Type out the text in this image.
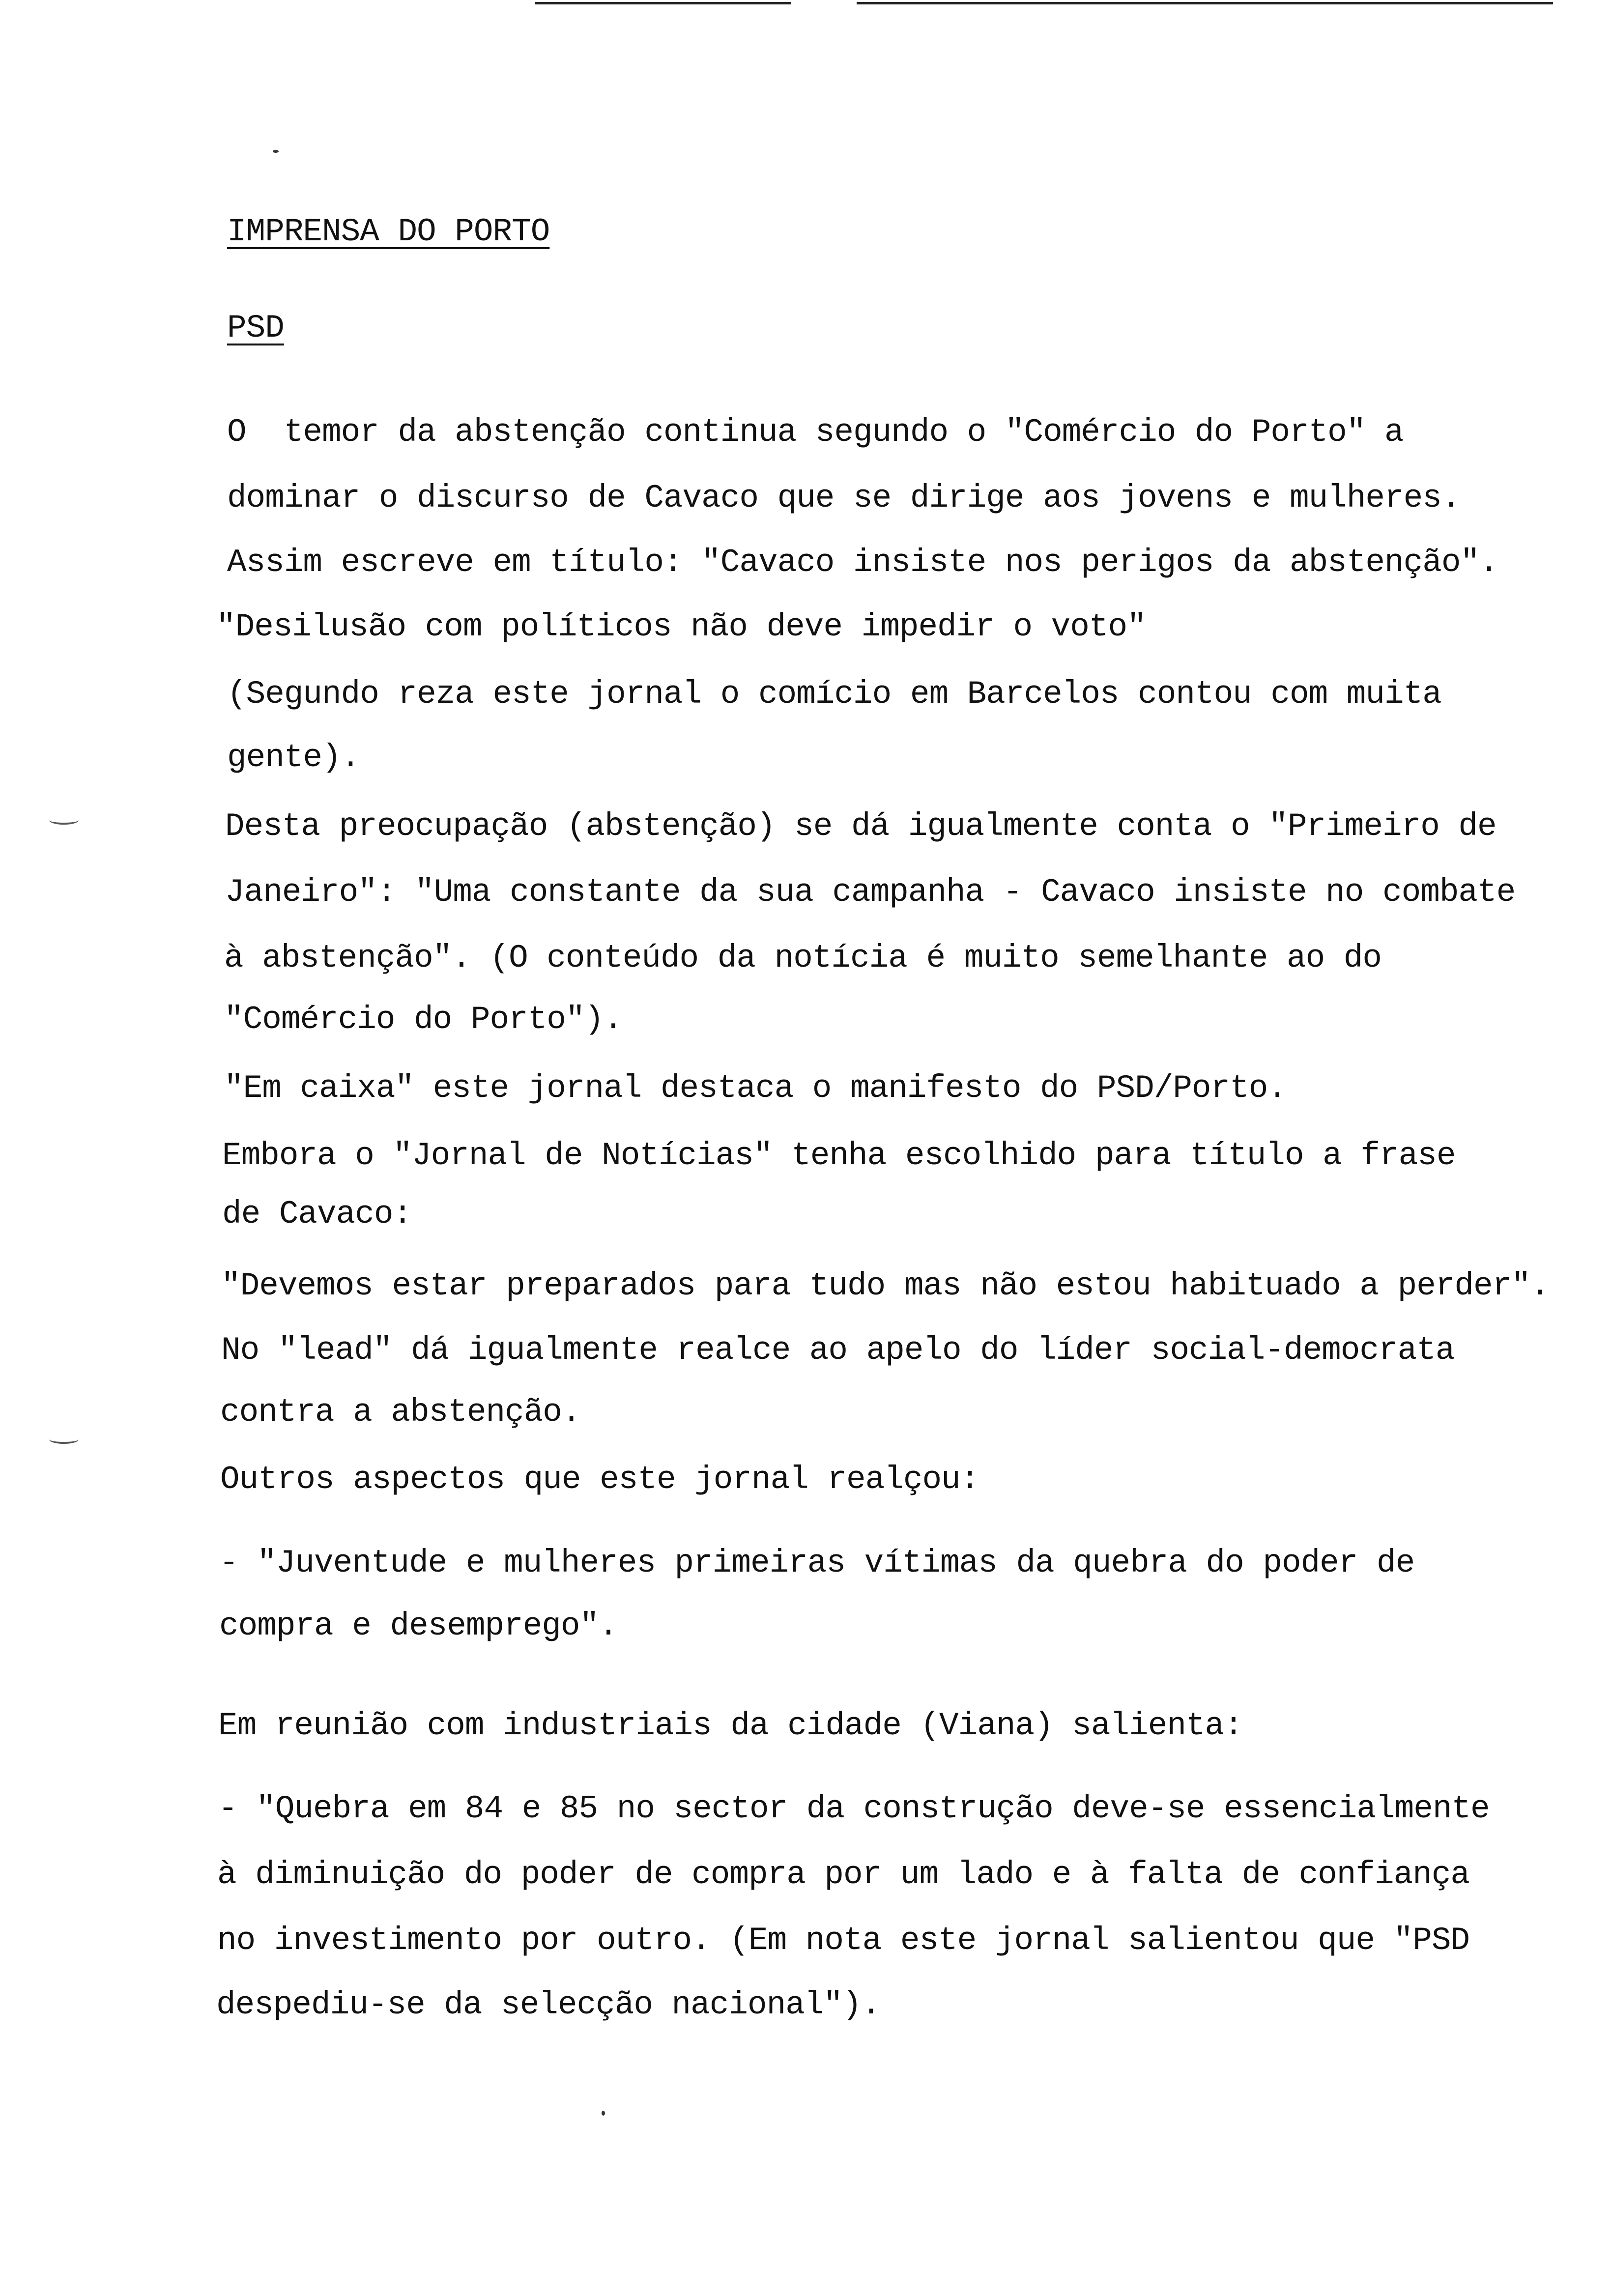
IMPRENSA DO PORTO
PSD
O  temor da abstenção continua segundo o "Comércio do Porto" a
dominar o discurso de Cavaco que se dirige aos jovens e mulheres.
Assim escreve em título: "Cavaco insiste nos perigos da abstenção".
"Desilusão com políticos não deve impedir o voto"
(Segundo reza este jornal o comício em Barcelos contou com muita
gente).
Desta preocupação (abstenção) se dá igualmente conta o "Primeiro de
Janeiro": "Uma constante da sua campanha - Cavaco insiste no combate
à abstenção". (O conteúdo da notícia é muito semelhante ao do
"Comércio do Porto").
"Em caixa" este jornal destaca o manifesto do PSD/Porto.
Embora o "Jornal de Notícias" tenha escolhido para título a frase
de Cavaco:
"Devemos estar preparados para tudo mas não estou habituado a perder".
No "lead" dá igualmente realce ao apelo do líder social-democrata
contra a abstenção.
Outros aspectos que este jornal realçou:
- "Juventude e mulheres primeiras vítimas da quebra do poder de
compra e desemprego".
Em reunião com industriais da cidade (Viana) salienta:
- "Quebra em 84 e 85 no sector da construção deve-se essencialmente
à diminuição do poder de compra por um lado e à falta de confiança
no investimento por outro. (Em nota este jornal salientou que "PSD
despediu-se da selecção nacional").
